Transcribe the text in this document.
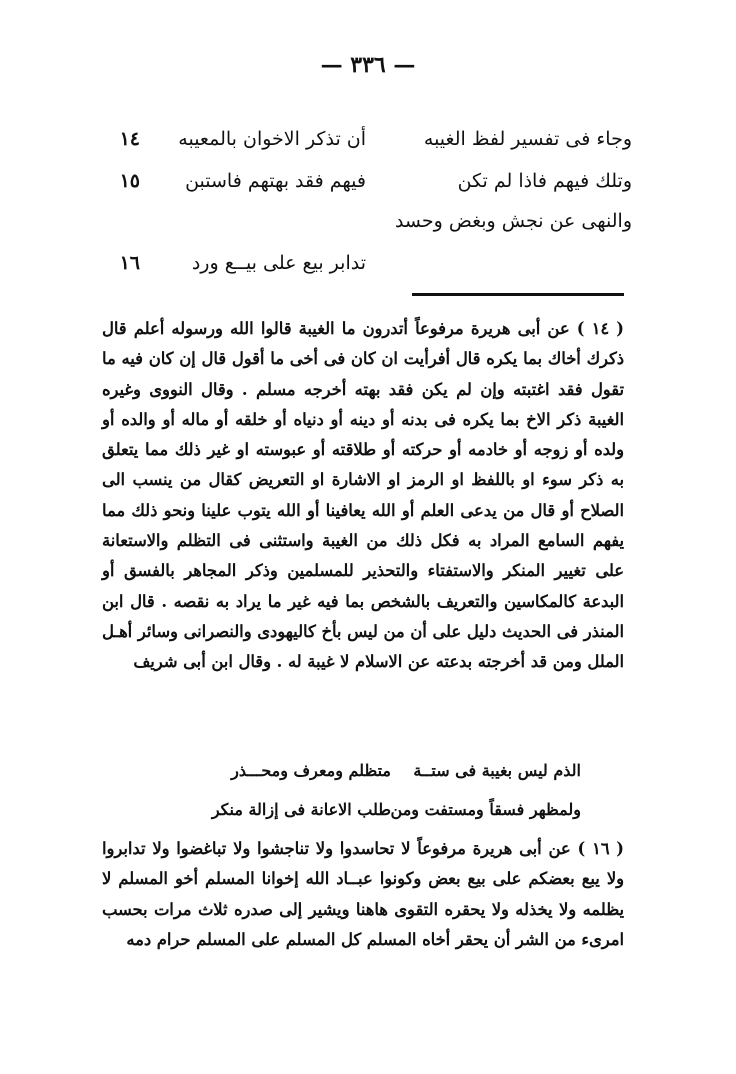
— ٣٣٦ —
وجاء فى تفسير لفظ الغيبه
أن تذكر الاخوان بالمعيبه
١٤
وتلك فيهم فاذا لم تكن
فيهم فقد بهتهم فاستبن
١٥
والنهى عن نجش وبغض وحسد
تدابر بيع على بيــع ورد
١٦
( ١٤ ) عن أبى هريرة مرفوعاً أتدرون ما الغيبة قالوا الله ورسوله أعلم قال ذكرك أخاك بما يكره قال أفرأيت ان كان فى أخى ما أقول قال إن كان فيه ما تقول فقد اغتبته وإن لم يكن فقد بهته أخرجه مسلم . وقال النووى وغيره الغيبة ذكر الاخ بما يكره فى بدنه أو دينه أو دنياه أو خلقه أو ماله أو والده أو ولده أو زوجه أو خادمه أو حركته أو طلاقته أو عبوسته او غير ذلك مما يتعلق به ذكر سوء او باللفظ او الرمز او الاشارة او التعريض كقال من ينسب الى الصلاح أو قال من يدعى العلم أو الله يعافينا أو الله يتوب علينا ونحو ذلك مما يفهم السامع المراد به فكل ذلك من الغيبة واستثنى فى التظلم والاستعانة على تغيير المنكر والاستفتاء والتحذير للمسلمين وذكر المجاهر بالفسق أو البدعة كالمكاسين والتعريف بالشخص بما فيه غير ما يراد به نقصه . قال ابن المنذر فى الحديث دليل على أن من ليس بأخ كاليهودى والنصرانى وسائر أهـل الملل ومن قد أخرجته بدعته عن الاسلام لا غيبة له . وقال ابن أبى شريف
الذم ليس بغيبة فى ستــة
متظلم ومعرف ومحـــذر
ولمظهر فسقاً ومستفت ومن
طلب الاعانة فى إزالة منكر
( ١٦ ) عن أبى هريرة مرفوعاً لا تحاسدوا ولا تناجشوا ولا تباغضوا ولا تدابروا ولا يبع بعضكم على بيع بعض وكونوا عبــاد الله إخوانا المسلم أخو المسلم لا يظلمه ولا يخذله ولا يحقره التقوى هاهنا ويشير إلى صدره ثلاث مرات بحسب امرىء من الشر أن يحقر أخاه المسلم كل المسلم على المسلم حرام دمه
